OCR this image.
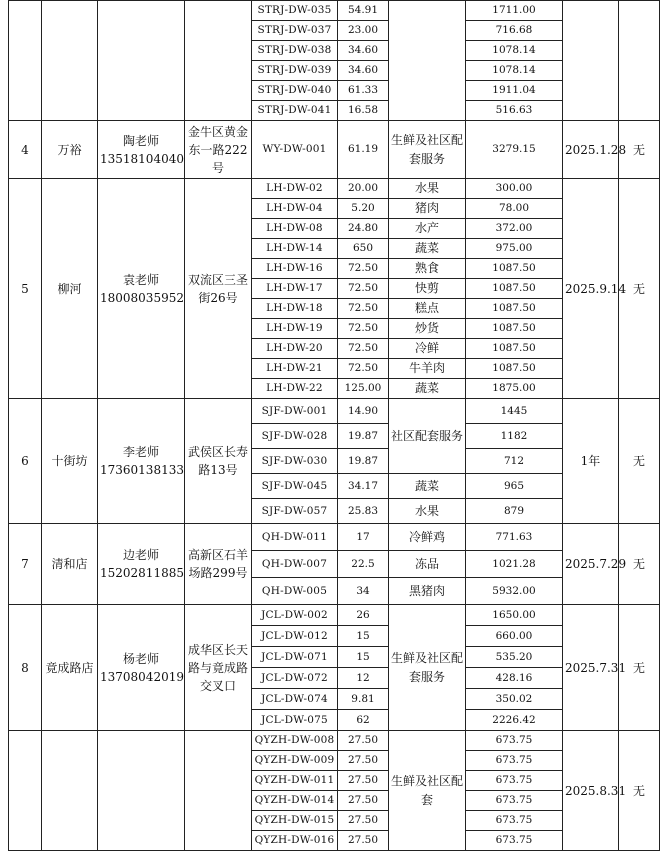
				STRJ-DW-035	54.91		1711.00		
				STRJ-DW-037	23.00		716.68		
				STRJ-DW-038	34.60		1078.14		
				STRJ-DW-039	34.60		1078.14		
				STRJ-DW-040	61.33		1911.04		
				STRJ-DW-041	16.58		516.63		
4	万裕	陶老师13518104040	金牛区黄金东一路222号	WY-DW-001	61.19	生鲜及社区配套服务	3279.15	2025.1.28	无
5	柳河	袁老师18008035952	双流区三圣街26号	LH-DW-02	20.00	水果	300.00	2025.9.14	无
				LH-DW-04	5.20	猪肉	78.00		
				LH-DW-08	24.80	水产	372.00		
				LH-DW-14	650	蔬菜	975.00		
				LH-DW-16	72.50	熟食	1087.50		
				LH-DW-17	72.50	快剪	1087.50		
				LH-DW-18	72.50	糕点	1087.50		
				LH-DW-19	72.50	炒货	1087.50		
				LH-DW-20	72.50	冷鲜	1087.50		
				LH-DW-21	72.50	牛羊肉	1087.50		
				LH-DW-22	125.00	蔬菜	1875.00		
6	十街坊	李老师17360138133	武侯区长寿路13号	SJF-DW-001	14.90	社区配套服务	1445	1年	无
				SJF-DW-028	19.87		1182		
				SJF-DW-030	19.87		712		
				SJF-DW-045	34.17	蔬菜	965		
				SJF-DW-057	25.83	水果	879		
7	清和店	边老师15202811885	高新区石羊场路299号	QH-DW-011	17	冷鲜鸡	771.63	2025.7.29	无
				QH-DW-007	22.5	冻品	1021.28		
				QH-DW-005	34	黑猪肉	5932.00		
8	竟成路店	杨老师13708042019	成华区长天路与竟成路交叉口	JCL-DW-002	26	生鲜及社区配套服务	1650.00	2025.7.31	无
				JCL-DW-012	15		660.00		
				JCL-DW-071	15		535.20		
				JCL-DW-072	12		428.16		
				JCL-DW-074	9.81		350.02		
				JCL-DW-075	62		2226.42		
				QYZH-DW-008	27.50	生鲜及社区配套	673.75	2025.8.31	无
				QYZH-DW-009	27.50		673.75		
				QYZH-DW-011	27.50		673.75		
				QYZH-DW-014	27.50		673.75		
				QYZH-DW-015	27.50		673.75		
				QYZH-DW-016	27.50		673.75		
